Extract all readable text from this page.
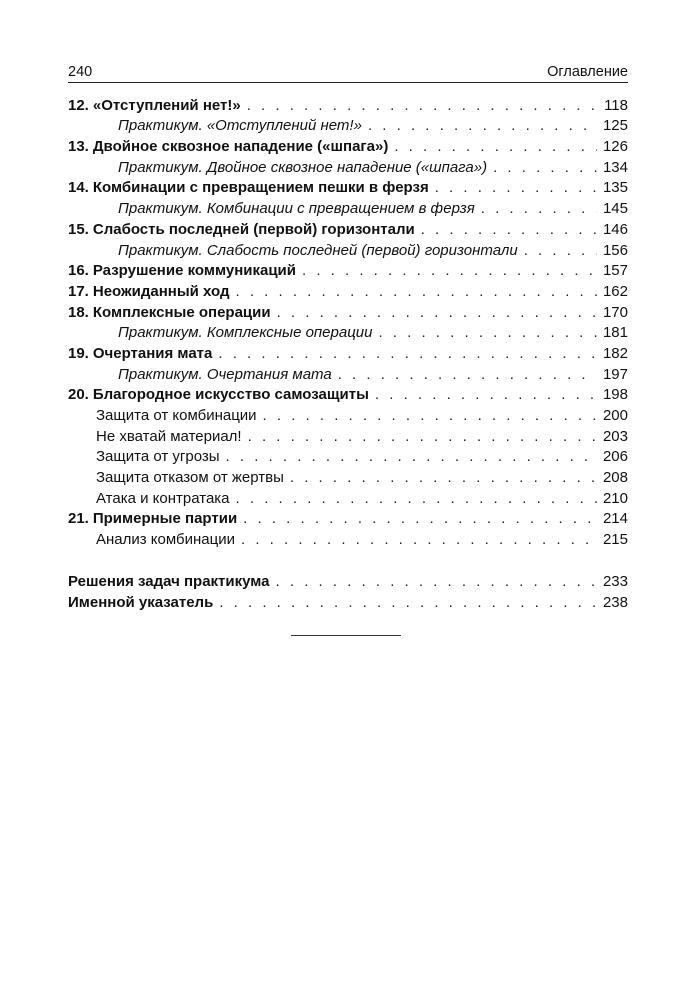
240	Оглавление
12. «Отступлений нет!» . . .	118
Практикум. «Отступлений нет!» . . .	125
13. Двойное сквозное нападение («шпага») . . .	126
Практикум. Двойное сквозное нападение («шпага») . . .	134
14. Комбинации с превращением пешки в ферзя . . .	135
Практикум. Комбинации с превращением в ферзя . . .	145
15. Слабость последней (первой) горизонтали . . .	146
Практикум. Слабость последней (первой) горизонтали . . .	156
16. Разрушение коммуникаций . . .	157
17. Неожиданный ход . . .	162
18. Комплексные операции . . .	170
Практикум. Комплексные операции . . .	181
19. Очертания мата . . .	182
Практикум. Очертания мата . . .	197
20. Благородное искусство самозащиты . . .	198
Защита от комбинации . . .	200
Не хватай материал! . . .	203
Защита от угрозы . . .	206
Защита отказом от жертвы . . .	208
Атака и контратака . . .	210
21. Примерные партии . . .	214
Анализ комбинации . . .	215
Решения задач практикума . . .	233
Именной указатель . . .	238
